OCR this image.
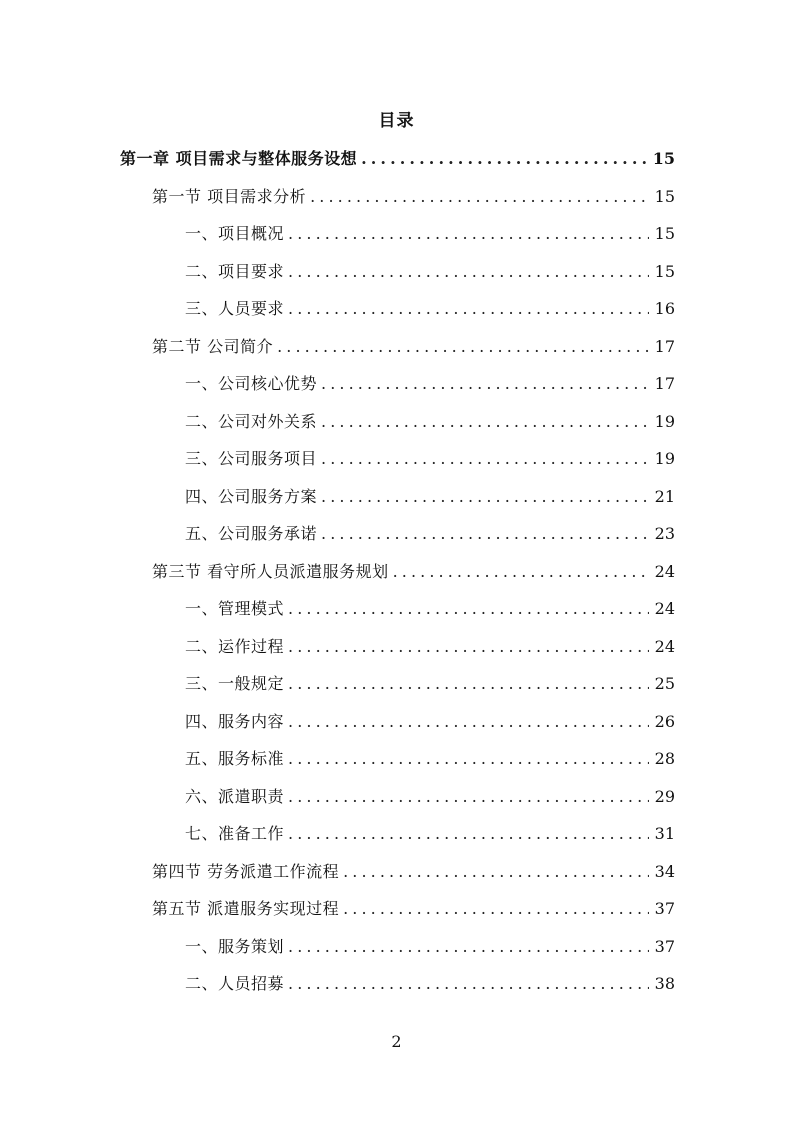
目录
第一章 项目需求与整体服务设想 .....	15
第一节 项目需求分析 .....	15
一、项目概况 .....	15
二、项目要求 .....	15
三、人员要求 .....	16
第二节 公司简介 .....	17
一、公司核心优势 .....	17
二、公司对外关系 .....	19
三、公司服务项目 .....	19
四、公司服务方案 .....	21
五、公司服务承诺 .....	23
第三节 看守所人员派遣服务规划 .....	24
一、管理模式 .....	24
二、运作过程 .....	24
三、一般规定 .....	25
四、服务内容 .....	26
五、服务标准 .....	28
六、派遣职责 .....	29
七、准备工作 .....	31
第四节 劳务派遣工作流程 .....	34
第五节 派遣服务实现过程 .....	37
一、服务策划 .....	37
二、人员招募 .....	38
2
